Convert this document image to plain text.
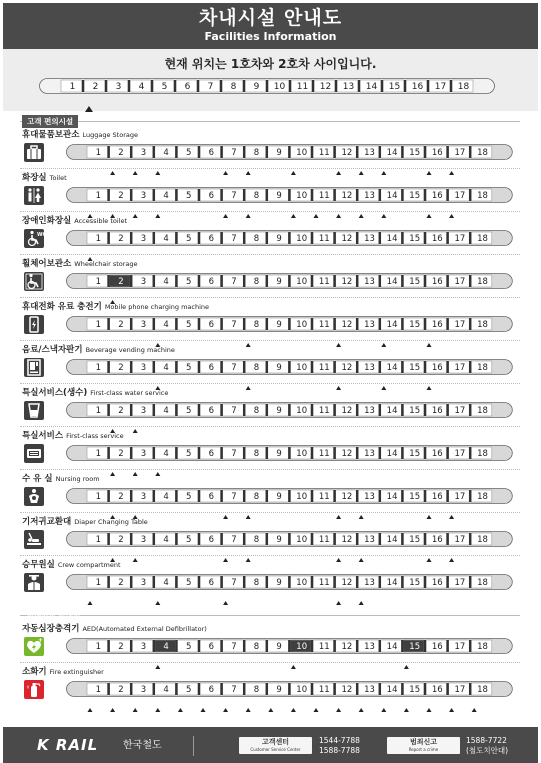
차내시설 안내도
Facilities Information
현재 위치는 1호차와 2호차 사이입니다.
1 2 3 4 5 6 7 8 9 10 11 12 13 14 15 16 17 18
고객 편의시설
휴대물품보관소 Luggage Storage
1 2 3 4 5 6 7 8 9 10 11 12 13 14 15 16 17 18
화장실 Toilet
1 2 3 4 5 6 7 8 9 10 11 12 13 14 15 16 17 18
장애인화장실 Accessible toilet
WC	1 2 3 4 5 6 7 8 9 10 11 12 13 14 15 16 17 18
휠체어보관소 Wheelchair storage
1 2 3 4 5 6 7 8 9 10 11 12 13 14 15 16 17 18
휴대전화 유료 충전기 Mobile phone charging machine
1 2 3 4 5 6 7 8 9 10 11 12 13 14 15 16 17 18
음료/스낵자판기 Beverage vending machine
1 2 3 4 5 6 7 8 9 10 11 12 13 14 15 16 17 18
특실서비스(생수) First-class water service
1 2 3 4 5 6 7 8 9 10 11 12 13 14 15 16 17 18
특실서비스 First-class service
1 2 3 4 5 6 7 8 9 10 11 12 13 14 15 16 17 18
수 유 실 Nursing room
1 2 3 4 5 6 7 8 9 10 11 12 13 14 15 16 17 18
기저귀교환대 Diaper Changing Table
1 2 3 4 5 6 7 8 9 10 11 12 13 14 15 16 17 18
승무원실 Crew compartment
1 2 3 4 5 6 7 8 9 10 11 12 13 14 15 16 17 18
이례사항 발생시
자동심장충격기 AED(Automated External Defibrillator)
+
1 2 3 4 5 6 7 8 9 10 11 12 13 14 15 16 17 18
소화기 Fire extinguisher
1 2 3 4 5 6 7 8 9 10 11 12 13 14 15 16 17 18
K RAIL 한국철도	고객센터
Customer Service Center
1544-7788
1588-7788
범죄신고
Report a crime
1588-7722
(철도치안대)
